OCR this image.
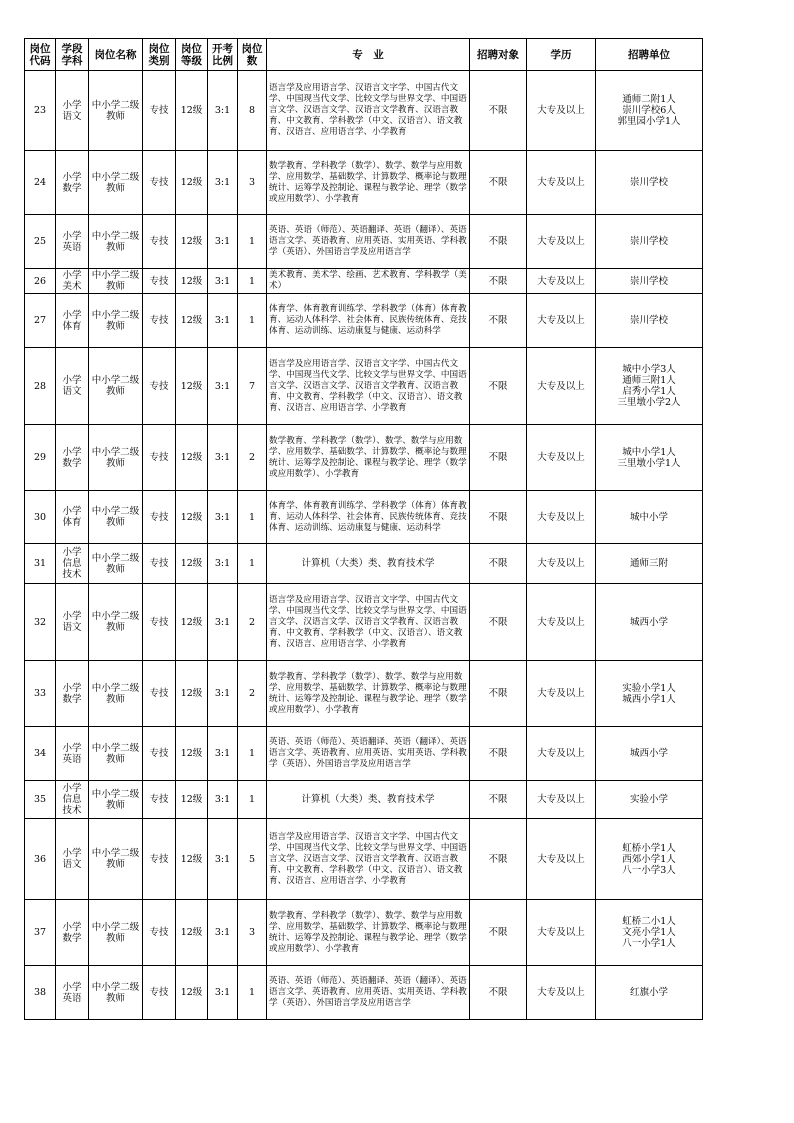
岗位代码	学段学科	岗位名称	岗位类别	岗位等级	开考比例	岗位数	专　业	招聘对象	学历	招聘单位
23	小学语文	中小学二级教师	专技	12级	3:1	8	语言学及应用语言学、汉语言文字学、中国古代文学、中国现当代文学、比较文学与世界文学、中国语言文学、汉语言文学、汉语言文学教育、汉语言教育、中文教育、学科教学（中文、汉语言）、语文教育、汉语言、应用语言学、小学教育	不限	大专及以上	通师二附1人
崇川学校6人
郭里园小学1人

24	小学数学	中小学二级教师	专技	12级	3:1	3	数学教育、学科教学（数学）、数学、数学与应用数学、应用数学、基础数学、计算数学、概率论与数理统计、运筹学及控制论、课程与教学论、理学（数学或应用数学）、小学教育	不限	大专及以上	崇川学校

25	小学英语	中小学二级教师	专技	12级	3:1	1	英语、英语（师范）、英语翻译、英语（翻译）、英语语言文学、英语教育、应用英语、实用英语、学科教学（英语）、外国语言学及应用语言学	不限	大专及以上	崇川学校

26	小学美术	中小学二级教师	专技	12级	3:1	1	美术教育、美术学、绘画、艺术教育、学科教学（美术）	不限	大专及以上	崇川学校

27	小学体育	中小学二级教师	专技	12级	3:1	1	体育学、体育教育训练学、学科教学（体育）体育教育、运动人体科学、社会体育、民族传统体育、竞技体育、运动训练、运动康复与健康、运动科学	不限	大专及以上	崇川学校

28	小学语文	中小学二级教师	专技	12级	3:1	7	语言学及应用语言学、汉语言文字学、中国古代文学、中国现当代文学、比较文学与世界文学、中国语言文学、汉语言文学、汉语言文学教育、汉语言教育、中文教育、学科教学（中文、汉语言）、语文教育、汉语言、应用语言学、小学教育	不限	大专及以上	城中小学3人
通师三附1人
启秀小学1人
三里墩小学2人

29	小学数学	中小学二级教师	专技	12级	3:1	2	数学教育、学科教学（数学）、数学、数学与应用数学、应用数学、基础数学、计算数学、概率论与数理统计、运筹学及控制论、课程与教学论、理学（数学或应用数学）、小学教育	不限	大专及以上	城中小学1人
三里墩小学1人

30	小学体育	中小学二级教师	专技	12级	3:1	1	体育学、体育教育训练学、学科教学（体育）体育教育、运动人体科学、社会体育、民族传统体育、竞技体育、运动训练、运动康复与健康、运动科学	不限	大专及以上	城中小学

31	小学信息技术	中小学二级教师	专技	12级	3:1	1	计算机（大类）类、教育技术学	不限	大专及以上	通师三附

32	小学语文	中小学二级教师	专技	12级	3:1	2	语言学及应用语言学、汉语言文字学、中国古代文学、中国现当代文学、比较文学与世界文学、中国语言文学、汉语言文学、汉语言文学教育、汉语言教育、中文教育、学科教学（中文、汉语言）、语文教育、汉语言、应用语言学、小学教育	不限	大专及以上	城西小学

33	小学数学	中小学二级教师	专技	12级	3:1	2	数学教育、学科教学（数学）、数学、数学与应用数学、应用数学、基础数学、计算数学、概率论与数理统计、运筹学及控制论、课程与教学论、理学（数学或应用数学）、小学教育	不限	大专及以上	实验小学1人
城西小学1人

34	小学英语	中小学二级教师	专技	12级	3:1	1	英语、英语（师范）、英语翻译、英语（翻译）、英语语言文学、英语教育、应用英语、实用英语、学科教学（英语）、外国语言学及应用语言学	不限	大专及以上	城西小学

35	小学信息技术	中小学二级教师	专技	12级	3:1	1	计算机（大类）类、教育技术学	不限	大专及以上	实验小学

36	小学语文	中小学二级教师	专技	12级	3:1	5	语言学及应用语言学、汉语言文字学、中国古代文学、中国现当代文学、比较文学与世界文学、中国语言文学、汉语言文学、汉语言文学教育、汉语言教育、中文教育、学科教学（中文、汉语言）、语文教育、汉语言、应用语言学、小学教育	不限	大专及以上	虹桥小学1人
西郊小学1人
八一小学3人

37	小学数学	中小学二级教师	专技	12级	3:1	3	数学教育、学科教学（数学）、数学、数学与应用数学、应用数学、基础数学、计算数学、概率论与数理统计、运筹学及控制论、课程与教学论、理学（数学或应用数学）、小学教育	不限	大专及以上	虹桥二小1人
文亮小学1人
八一小学1人

38	小学英语	中小学二级教师	专技	12级	3:1	1	英语、英语（师范）、英语翻译、英语（翻译）、英语语言文学、英语教育、应用英语、实用英语、学科教学（英语）、外国语言学及应用语言学	不限	大专及以上	红旗小学
